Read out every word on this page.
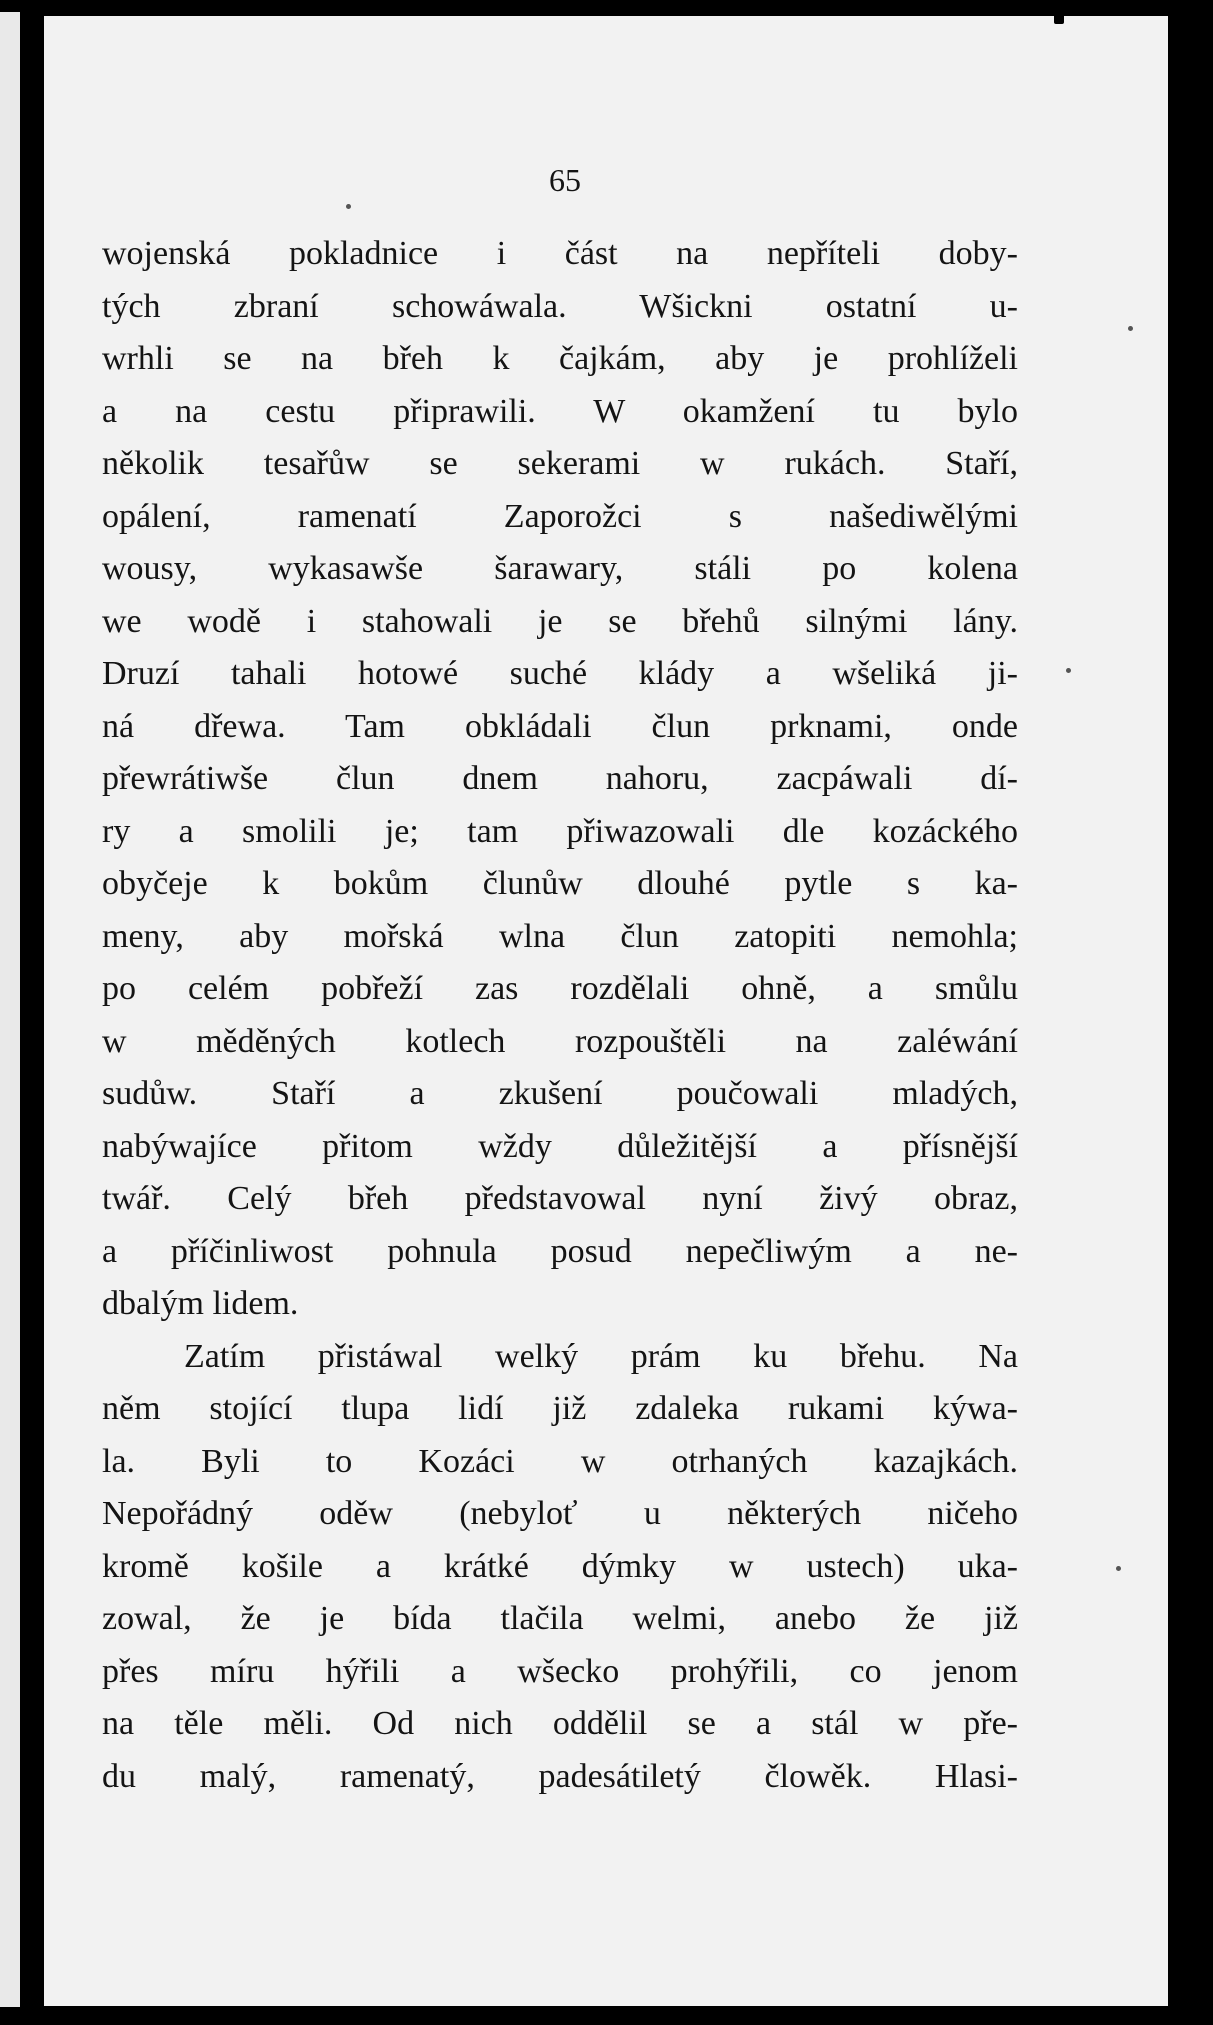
65
wojenská pokladnice i část na nepříteli doby-
tých zbraní schowáwala. Wšickni ostatní u-
wrhli se na břeh k čajkám, aby je prohlíželi
a na cestu připrawili. W okamžení tu bylo
několik tesařůw se sekerami w rukách. Staří,
opálení, ramenatí Zaporožci s našediwělými
wousy, wykasawše šarawary, stáli po kolena
we wodě i stahowali je se břehů silnými lány.
Druzí tahali hotowé suché klády a wšeliká ji-
ná dřewa. Tam obkládali člun prknami, onde
přewrátiwše člun dnem nahoru, zacpáwali dí-
ry a smolili je; tam přiwazowali dle kozáckého
obyčeje k bokům člunůw dlouhé pytle s ka-
meny, aby mořská wlna člun zatopiti nemohla;
po celém pobřeží zas rozdělali ohně, a smůlu
w měděných kotlech rozpouštěli na zaléwání
sudůw. Staří a zkušení poučowali mladých,
nabýwajíce přitom wždy důležitější a přísnější
twář. Celý břeh představowal nyní živý obraz,
a příčinliwost pohnula posud nepečliwým a ne-
dbalým lidem.
Zatím přistáwal welký prám ku břehu. Na
něm stojící tlupa lidí již zdaleka rukami kýwa-
la. Byli to Kozáci w otrhaných kazajkách.
Nepořádný oděw (nebyloť u některých ničeho
kromě košile a krátké dýmky w ustech) uka-
zowal, že je bída tlačila welmi, anebo že již
přes míru hýřili a wšecko prohýřili, co jenom
na těle měli. Od nich oddělil se a stál w pře-
du malý, ramenatý, padesátiletý člowěk. Hlasi-
